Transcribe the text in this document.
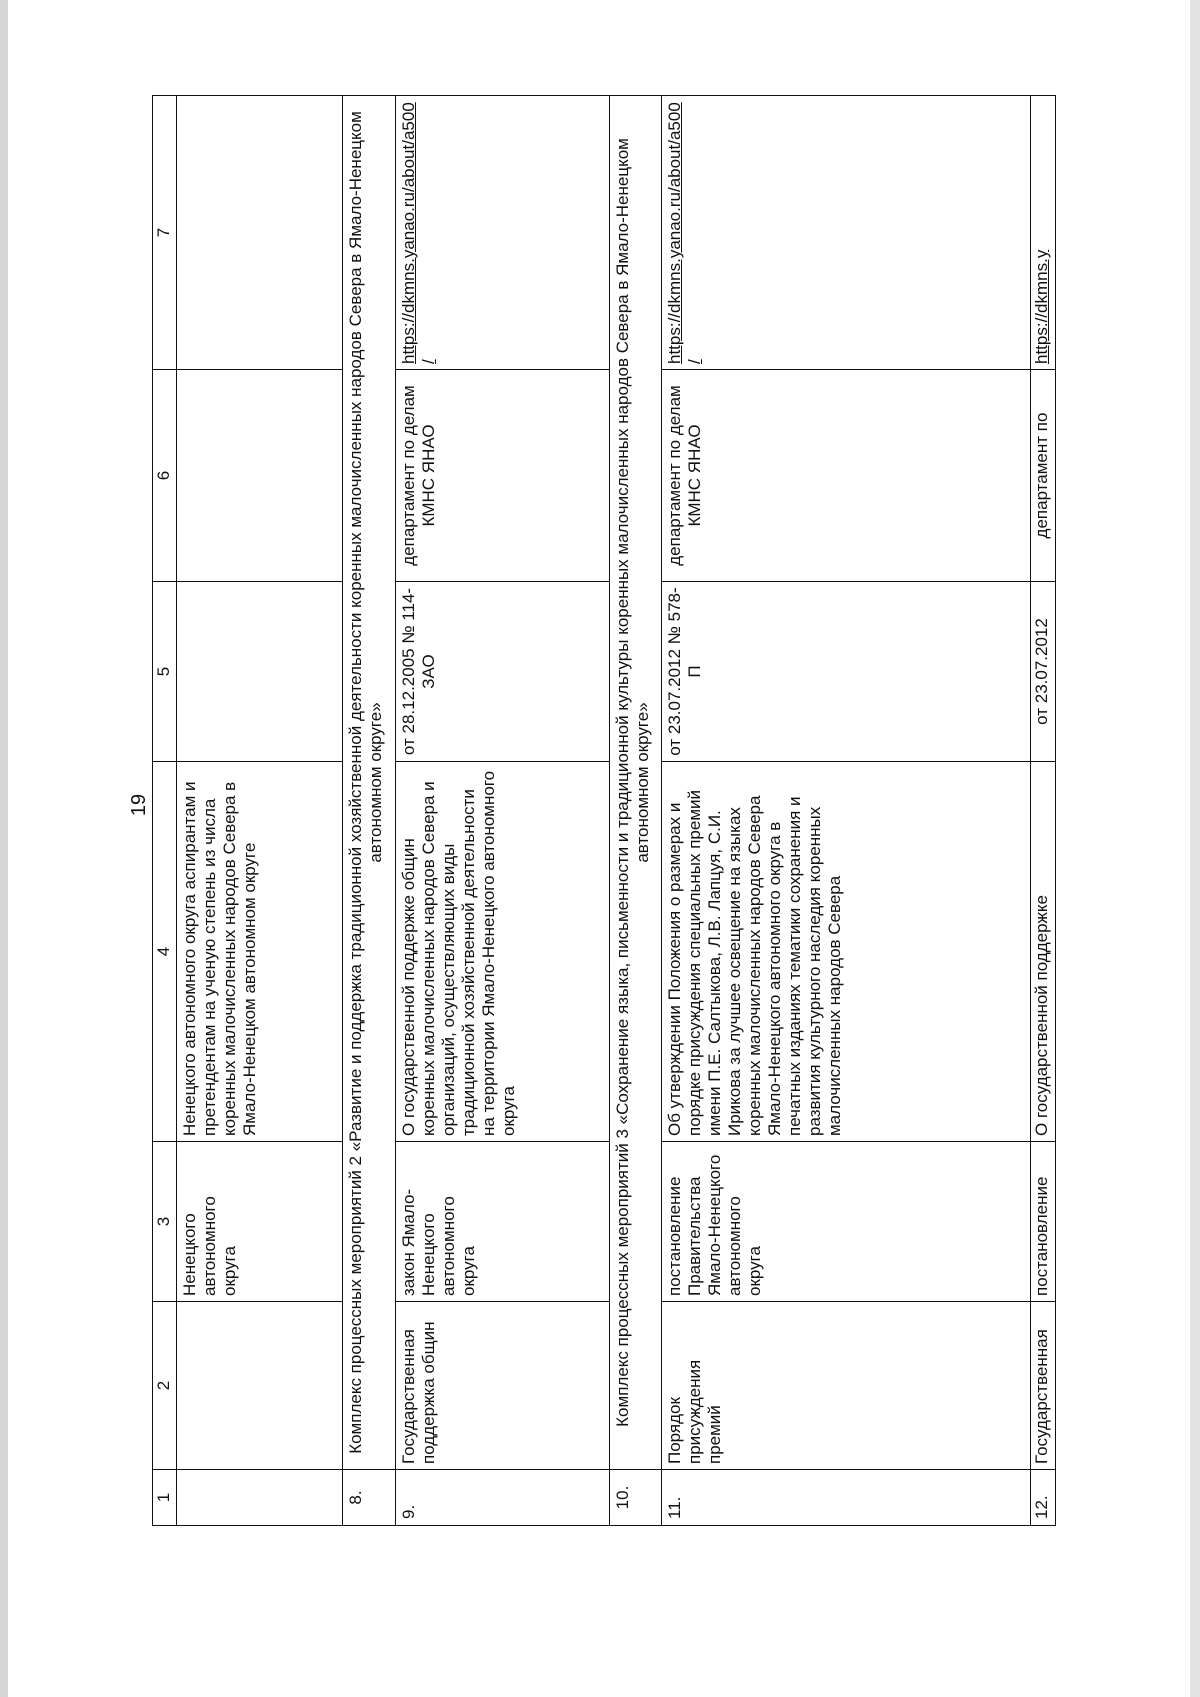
19
1	2	3	4	5	6	7
		Ненецкого автономного округа	Ненецкого автономного округа аспирантам и претендентам на ученую степень из числа коренных малочисленных народов Севера в Ямало-Ненецком автономном округе			
8.	Комплекс процессных мероприятий 2 «Развитие и поддержка традиционной хозяйственной деятельности коренных малочисленных народов Севера в Ямало-Ненецком автономном округе»					
9.	Государственная поддержка общин	закон Ямало-Ненецкого автономного округа	О государственной поддержке общин коренных малочисленных народов Севера и организаций, осуществляющих виды традиционной хозяйственной деятельности на территории Ямало-Ненецкого автономного округа	от 28.12.2005 № 114-ЗАО	департамент по делам КМНС ЯНАО	https://dkmns.yanao.ru/about/a500/
10.	Комплекс процессных мероприятий 3 «Сохранение языка, письменности и традиционной культуры коренных малочисленных народов Севера в Ямало-Ненецком автономном округе»					
11.	Порядок присуждения премий	постановление Правительства Ямало-Ненецкого автономного округа	Об утверждении Положения о размерах и порядке присуждения специальных премий имени П.Е. Салтыкова, Л.В. Лапцуя, С.И. Ирикова за лучшее освещение на языках коренных малочисленных народов Севера Ямало-Ненецкого автономного округа в печатных изданиях тематики сохранения и развития культурного наследия коренных малочисленных народов Севера	от 23.07.2012 № 578-П	департамент по делам КМНС ЯНАО	https://dkmns.yanao.ru/about/a500/
12.	Государственная	постановление	О государственной поддержке	от 23.07.2012	департамент по	https://dkmns.y
